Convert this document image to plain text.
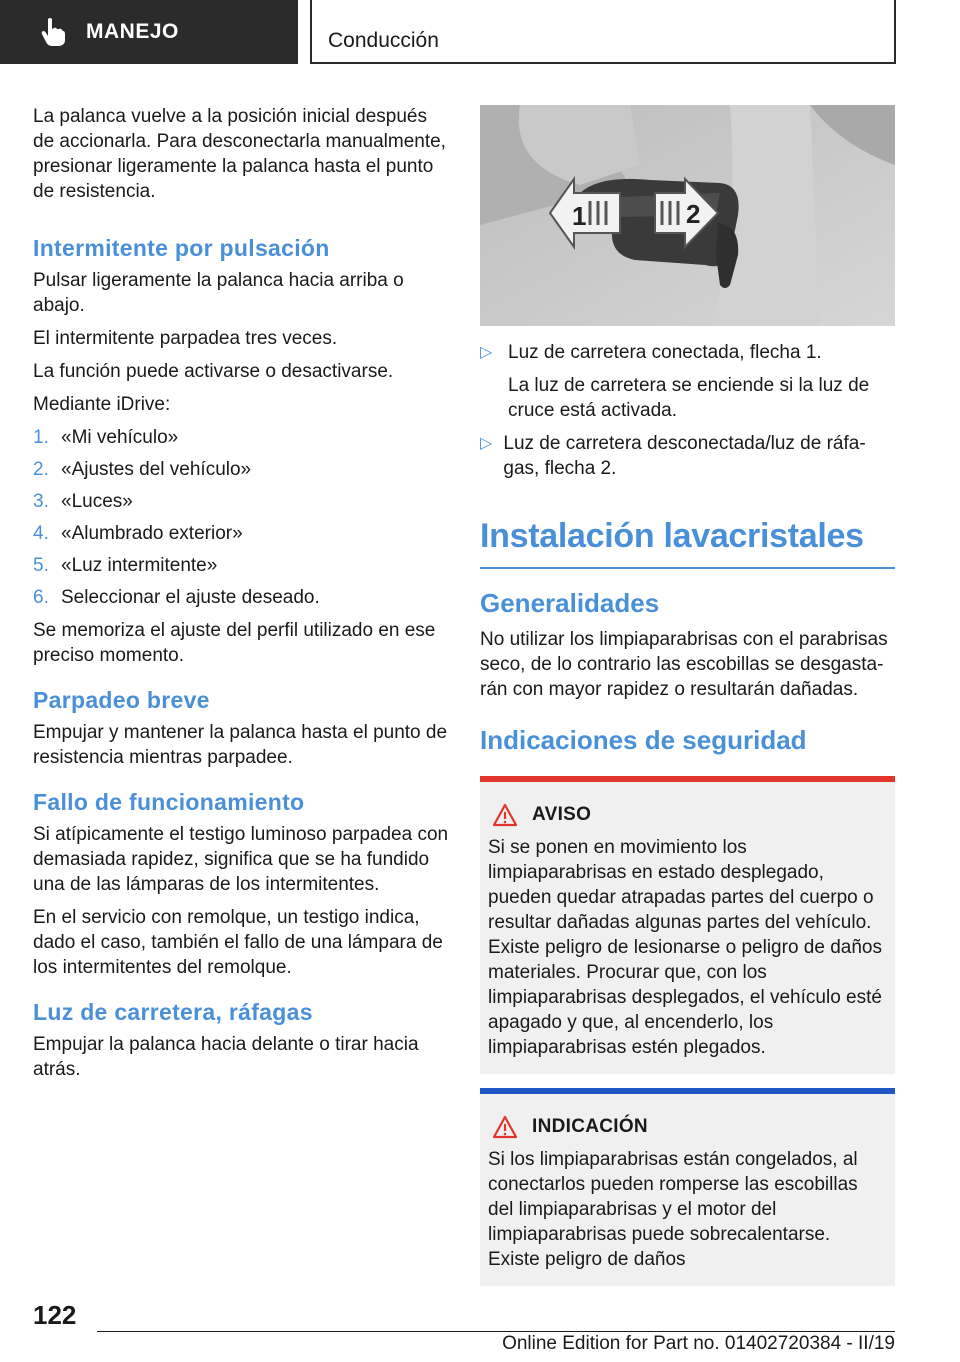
MANEJO	Conducción

La palanca vuelve a la posición inicial después de accionarla. Para desconectarla manualmente, presionar ligeramente la palanca hasta el punto de resistencia.

Intermitente por pulsación

Pulsar ligeramente la palanca hacia arriba o abajo.

El intermitente parpadea tres veces.

La función puede activarse o desactivarse.

Mediante iDrive:

1. «Mi vehículo»
2. «Ajustes del vehículo»
3. «Luces»
4. «Alumbrado exterior»
5. «Luz intermitente»
6. Seleccionar el ajuste deseado.

Se memoriza el ajuste del perfil utilizado en ese preciso momento.

Parpadeo breve

Empujar y mantener la palanca hasta el punto de resistencia mientras parpadee.

Fallo de funcionamiento

Si atípicamente el testigo luminoso parpadea con demasiada rapidez, significa que se ha fundido una de las lámparas de los intermitentes.

En el servicio con remolque, un testigo indica, dado el caso, también el fallo de una lámpara de los intermitentes del remolque.

Luz de carretera, ráfagas

Empujar la palanca hacia delante o tirar hacia atrás.

1	2
▷ Luz de carretera conectada, flecha 1.
La luz de carretera se enciende si la luz de cruce está activada.
▷ Luz de carretera desconectada/luz de ráfagas, flecha 2.
Instalación lavacristales
Generalidades

No utilizar los limpiaparabrisas con el parabrisas seco, de lo contrario las escobillas se desgastarán con mayor rapidez o resultarán dañadas.

Indicaciones de seguridad
AVISO
Si se ponen en movimiento los limpiaparabrisas en estado desplegado, pueden quedar atrapadas partes del cuerpo o resultar dañadas algunas partes del vehículo. Existe peligro de lesionarse o peligro de daños materiales. Procurar que, con los limpiaparabrisas desplegados, el vehículo esté apagado y que, al encenderlo, los limpiaparabrisas estén plegados.
INDICACIÓN
Si los limpiaparabrisas están congelados, al conectarlos pueden romperse las escobillas del limpiaparabrisas y el motor del limpiaparabrisas puede sobrecalentarse. Existe peligro de daños
122
Online Edition for Part no. 01402720384 - II/19
